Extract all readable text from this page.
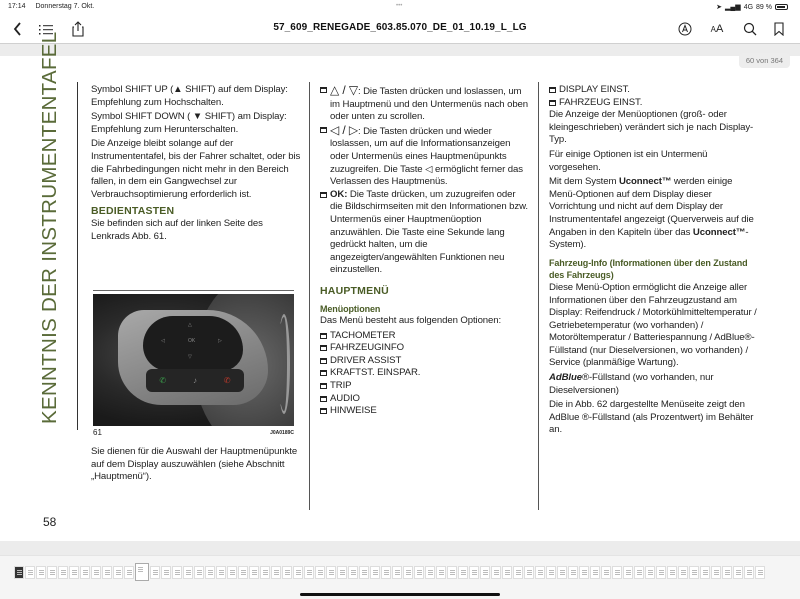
17:14 Donnerstag 7. Okt.	•••	➤ ▂▄▆ 4G 89 %
57_609_RENEGADE_603.85.070_DE_01_10.19_L_LG	AA
60 von 364
KENNTNIS DER INSTRUMENTENTAFEL	Symbol SHIFT UP (▲ SHIFT) auf dem Display: Empfehlung zum Hochschalten.

Symbol SHIFT DOWN ( ▼ SHIFT) am Display: Empfehlung zum Herunterschalten.

Die Anzeige bleibt solange auf der Instrumententafel, bis der Fahrer schaltet, oder bis die Fahrbedingungen nicht mehr in den Bereich fallen, in dem ein Gangwechsel zur Verbrauchsoptimierung erforderlich ist.

BEDIENTASTEN

Sie befinden sich auf der linken Seite des Lenkrads Abb. 61.

△
◁	OK	▷
▽
✆	♪	✆
61	J0A0189C

Sie dienen für die Auswahl der Hauptmenüpunkte auf dem Display auszuwählen (siehe Abschnitt „Hauptmenü“).

△ / ▽: Die Tasten drücken und loslassen, um im Hauptmenü und den Untermenüs nach oben oder unten zu scrollen.
◁ / ▷: Die Tasten drücken und wieder loslassen, um auf die Informationsanzeigen oder Untermenüs eines Hauptmenüpunkts zuzugreifen. Die Taste ◁ ermöglicht ferner das Verlassen des Hauptmenüs.
OK: Die Taste drücken, um zuzugreifen oder die Bildschirmseiten mit den Informationen bzw. Untermenüs einer Hauptmenüoption anzuwählen. Die Taste eine Sekunde lang gedrückt halten, um die angezeigten/angewählten Funktionen neu einzustellen.
HAUPTMENÜ
Menüoptionen

Das Menü besteht aus folgenden Optionen:

TACHOMETER
FAHRZEUGINFO
DRIVER ASSIST
KRAFTST. EINSPAR.
TRIP
AUDIO
HINWEISE
DISPLAY EINST.
FAHRZEUG EINST.

Die Anzeige der Menüoptionen (groß- oder kleingeschrieben) verändert sich je nach Display-Typ.

Für einige Optionen ist ein Untermenü vorgesehen.

Mit dem System Uconnect™ werden einige Menü-Optionen auf dem Display dieser Vorrichtung und nicht auf dem Display der Instrumententafel angezeigt (Querverweis auf die Angaben in den Kapiteln über das Uconnect™-System).

Fahrzeug-Info (Informationen über den Zustand des Fahrzeugs)

Diese Menü-Option ermöglicht die Anzeige aller Informationen über den Fahrzeugzustand am Display: Reifendruck / Motorkühlmitteltemperatur / Getriebetemperatur (wo vorhanden) / Motoröltemperatur / Batteriespannung / AdBlue®-Füllstand (nur Dieselversionen, wo vorhanden) / Service (planmäßige Wartung).

AdBlue®-Füllstand (wo vorhanden, nur Dieselversionen)

Die in Abb. 62 dargestellte Menüseite zeigt den AdBlue ®-Füllstand (als Prozentwert) im Behälter an.

58
